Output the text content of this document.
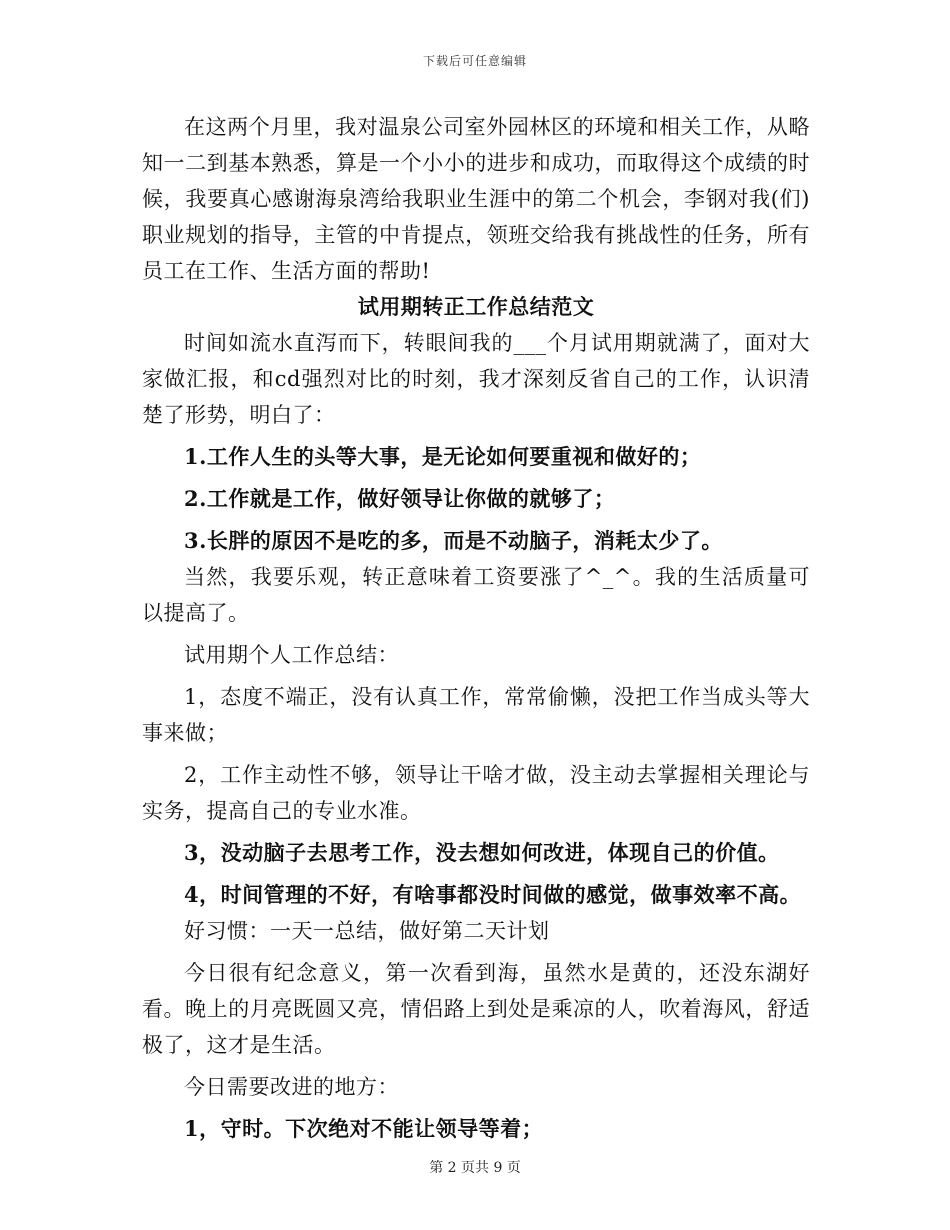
下载后可任意编辑

在这两个月里，我对温泉公司室外园林区的环境和相关工作，从略知一二到基本熟悉，算是一个小小的进步和成功，而取得这个成绩的时候，我要真心感谢海泉湾给我职业生涯中的第二个机会，李钢对我(们)职业规划的指导，主管的中肯提点，领班交给我有挑战性的任务，所有员工在工作、生活方面的帮助!

试用期转正工作总结范文

时间如流水直泻而下，转眼间我的___个月试用期就满了，面对大家做汇报，和cd强烈对比的时刻，我才深刻反省自己的工作，认识清楚了形势，明白了：

1.工作人生的头等大事，是无论如何要重视和做好的；

2.工作就是工作，做好领导让你做的就够了；

3.长胖的原因不是吃的多，而是不动脑子，消耗太少了。

当然，我要乐观，转正意味着工资要涨了^_^。我的生活质量可以提高了。

试用期个人工作总结：

1，态度不端正，没有认真工作，常常偷懒，没把工作当成头等大事来做；

2，工作主动性不够，领导让干啥才做，没主动去掌握相关理论与实务，提高自己的专业水准。

3，没动脑子去思考工作，没去想如何改进，体现自己的价值。

4，时间管理的不好，有啥事都没时间做的感觉，做事效率不高。

好习惯：一天一总结，做好第二天计划

今日很有纪念意义，第一次看到海，虽然水是黄的，还没东湖好看。晚上的月亮既圆又亮，情侣路上到处是乘凉的人，吹着海风，舒适极了，这才是生活。

今日需要改进的地方：

1，守时。下次绝对不能让领导等着；

第 2 页共 9 页
